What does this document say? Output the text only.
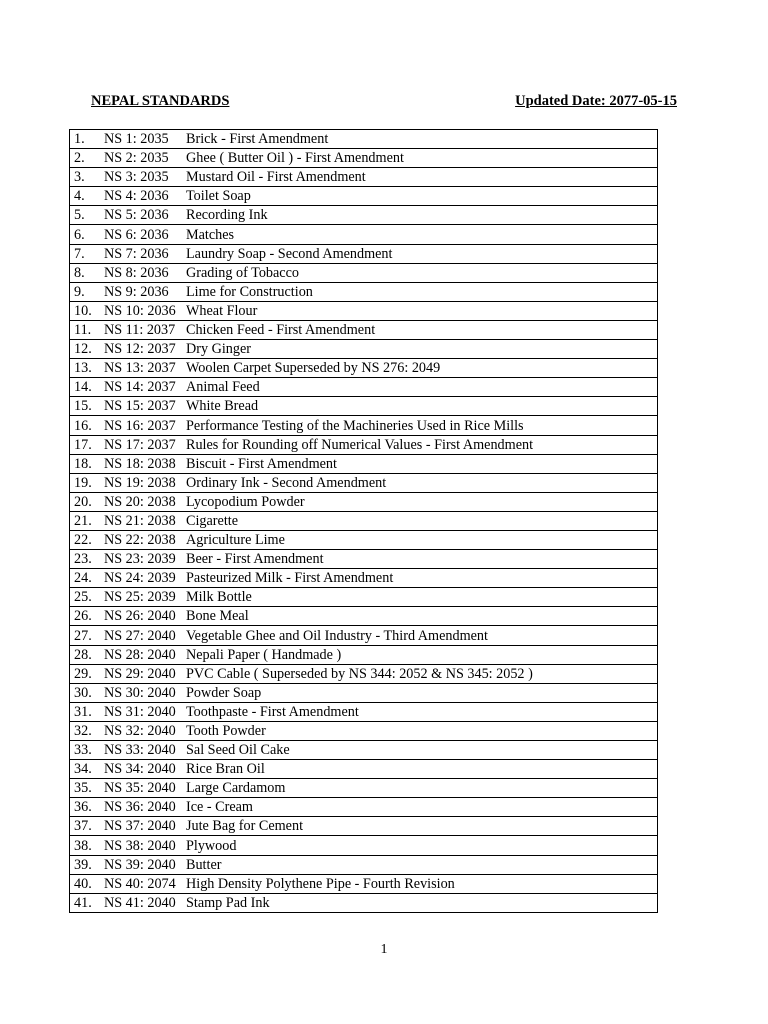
NEPAL STANDARDS	Updated Date: 2077-05-15
1. NS 1: 2035 Brick - First Amendment
2. NS 2: 2035 Ghee ( Butter Oil ) - First Amendment
3. NS 3: 2035 Mustard Oil - First Amendment
4. NS 4: 2036 Toilet Soap
5. NS 5: 2036 Recording Ink
6. NS 6: 2036 Matches
7. NS 7: 2036 Laundry Soap - Second Amendment
8. NS 8: 2036 Grading of Tobacco
9. NS 9: 2036 Lime for Construction
10. NS 10: 2036 Wheat Flour
11. NS 11: 2037 Chicken Feed - First Amendment
12. NS 12: 2037 Dry Ginger
13. NS 13: 2037 Woolen Carpet Superseded by NS 276: 2049
14. NS 14: 2037 Animal Feed
15. NS 15: 2037 White Bread
16. NS 16: 2037 Performance Testing of the Machineries Used in Rice Mills
17. NS 17: 2037 Rules for Rounding off Numerical Values - First Amendment
18. NS 18: 2038 Biscuit - First Amendment
19. NS 19: 2038 Ordinary Ink - Second Amendment
20. NS 20: 2038 Lycopodium Powder
21. NS 21: 2038 Cigarette
22. NS 22: 2038 Agriculture Lime
23. NS 23: 2039 Beer - First Amendment
24. NS 24: 2039 Pasteurized Milk - First Amendment
25. NS 25: 2039 Milk Bottle
26. NS 26: 2040 Bone Meal
27. NS 27: 2040 Vegetable Ghee and Oil Industry - Third Amendment
28. NS 28: 2040 Nepali Paper ( Handmade )
29. NS 29: 2040 PVC Cable ( Superseded by NS 344: 2052 & NS 345: 2052 )
30. NS 30: 2040 Powder Soap
31. NS 31: 2040 Toothpaste - First Amendment
32. NS 32: 2040 Tooth Powder
33. NS 33: 2040 Sal Seed Oil Cake
34. NS 34: 2040 Rice Bran Oil
35. NS 35: 2040 Large Cardamom
36. NS 36: 2040 Ice - Cream
37. NS 37: 2040 Jute Bag for Cement
38. NS 38: 2040 Plywood
39. NS 39: 2040 Butter
40. NS 40: 2074 High Density Polythene Pipe - Fourth Revision
41. NS 41: 2040 Stamp Pad Ink
1
